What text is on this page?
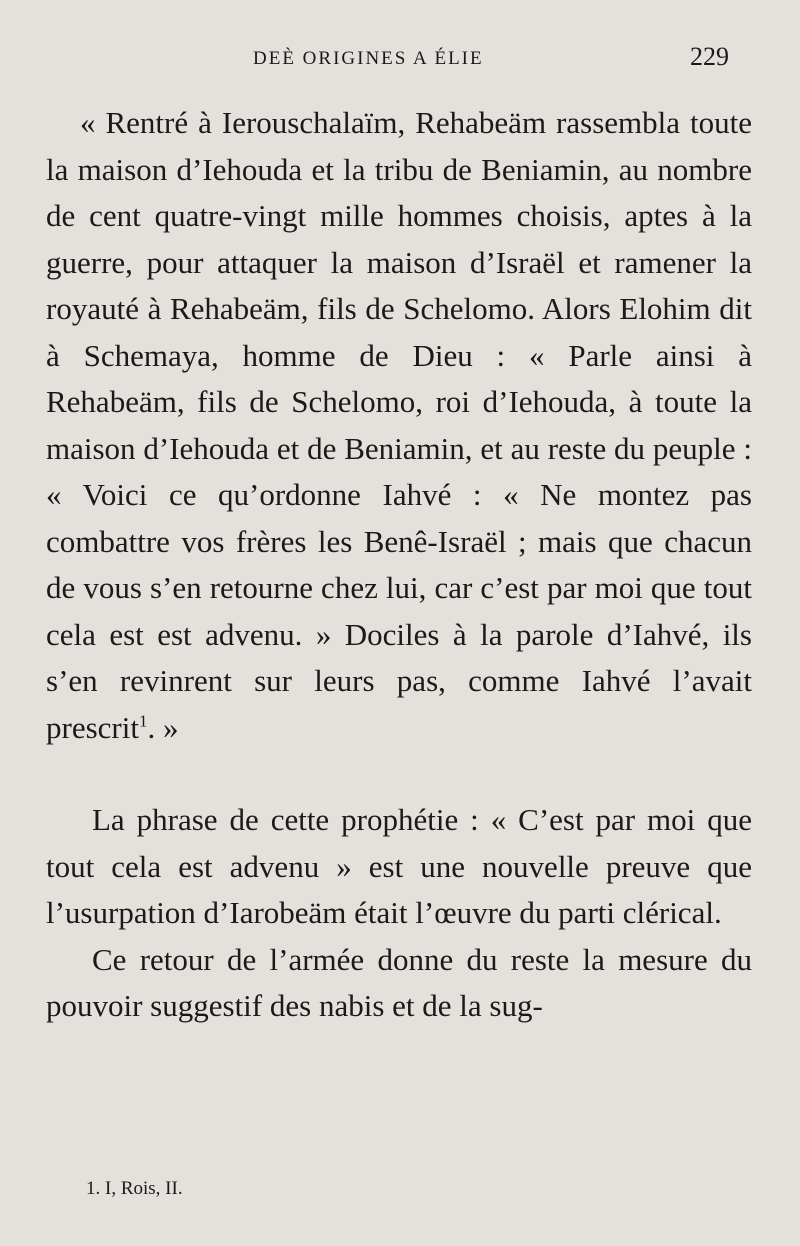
DEÈ ORIGINES A ÉLIE	229

« Rentré à Ierouschalaïm, Rehabeäm rassembla toute la maison d’Iehouda et la tribu de Beniamin, au nombre de cent quatre-vingt mille hommes choisis, aptes à la guerre, pour attaquer la maison d’Israël et ramener la royauté à Rehabeäm, fils de Schelomo. Alors Elohim dit à Schemaya, homme de Dieu : « Parle ainsi à Rehabeäm, fils de Schelomo, roi d’Iehouda, à toute la maison d’Iehouda et de Beniamin, et au reste du peuple : « Voici ce qu’ordonne Iahvé : « Ne montez pas combattre vos frères les Benê-Israël ; mais que chacun de vous s’en retourne chez lui, car c’est par moi que tout cela est est advenu. » Dociles à la parole d’Iahvé, ils s’en revinrent sur leurs pas, comme Iahvé l’avait prescrit$^1$. »

La phrase de cette prophétie : « C’est par moi que tout cela est advenu » est une nouvelle preuve que l’usurpation d’Iarobeäm était l’œuvre du parti clérical.

Ce retour de l’armée donne du reste la mesure du pouvoir suggestif des nabis et de la sug-

1. I, Rois, II.
